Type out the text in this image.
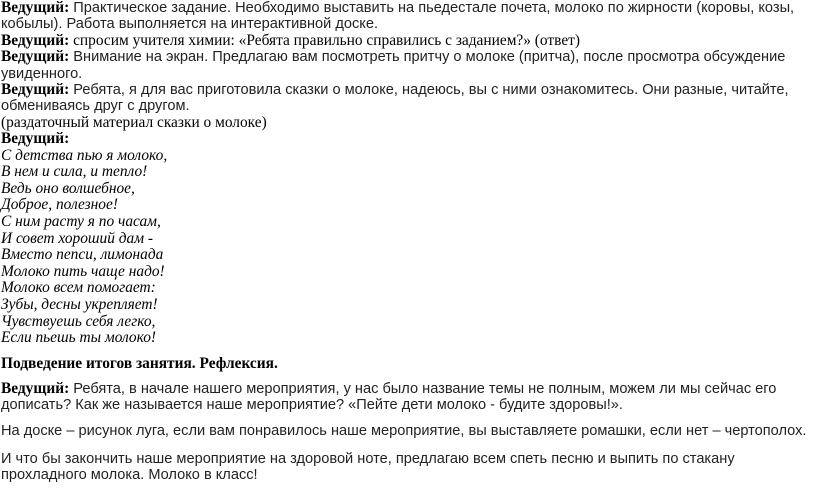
Ведущий: Практическое задание. Необходимо выставить на пьедестале почета, молоко по жирности (коровы, козы, кобылы). Работа выполняется на интерактивной доске.

Ведущий: спросим учителя химии: «Ребята правильно справились с заданием?» (ответ)

Ведущий: Внимание на экран. Предлагаю вам посмотреть притчу о молоке (притча), после просмотра обсуждение увиденного.

Ведущий: Ребята, я для вас приготовила сказки о молоке, надеюсь, вы с ними ознакомитесь. Они разные, читайте, обмениваясь друг с другом.

(раздаточный материал сказки о молоке)

Ведущий:

С детства пью я молоко,

В нем и сила, и тепло!

Ведь оно волшебное,

Доброе, полезное!

С ним расту я по часам,

И совет хороший дам -

Вместо пепси, лимонада

Молоко пить чаще надо!

Молоко всем помогает:

Зубы, десны укрепляет!

Чувствуешь себя легко,

Если пьешь ты молоко!

Подведение итогов занятия. Рефлексия.

Ведущий: Ребята, в начале нашего мероприятия, у нас было название темы не полным, можем ли мы сейчас его дописать? Как же называется наше мероприятие? «Пейте дети молоко - будите здоровы!».

На доске – рисунок луга, если вам понравилось наше мероприятие, вы выставляете ромашки, если нет – чертополох.

И что бы закончить наше мероприятие на здоровой ноте, предлагаю всем спеть песню и выпить по стакану прохладного молока. Молоко в класс!
